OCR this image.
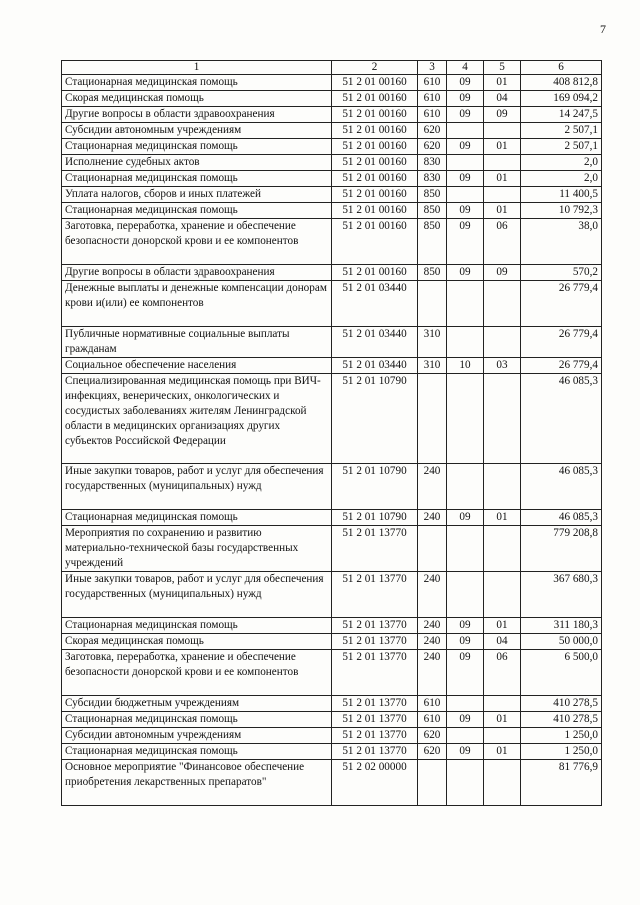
7
1	2	3	4	5	6
Стационарная медицинская помощь	51 2 01 00160	610	09	01	408 812,8
Скорая медицинская помощь	51 2 01 00160	610	09	04	169 094,2
Другие вопросы в области здравоохранения	51 2 01 00160	610	09	09	14 247,5
Субсидии автономным учреждениям	51 2 01 00160	620			2 507,1
Стационарная медицинская помощь	51 2 01 00160	620	09	01	2 507,1
Исполнение судебных актов	51 2 01 00160	830			2,0
Стационарная медицинская помощь	51 2 01 00160	830	09	01	2,0
Уплата налогов, сборов и иных платежей	51 2 01 00160	850			11 400,5
Стационарная медицинская помощь	51 2 01 00160	850	09	01	10 792,3
Заготовка, переработка, хранение и обеспечение безопасности донорской крови и ее компонентов	51 2 01 00160	850	09	06	38,0
Другие вопросы в области здравоохранения	51 2 01 00160	850	09	09	570,2
Денежные выплаты и денежные компенсации донорам крови и(или) ее компонентов	51 2 01 03440				26 779,4
Публичные нормативные социальные выплаты гражданам	51 2 01 03440	310			26 779,4
Социальное обеспечение населения	51 2 01 03440	310	10	03	26 779,4
Специализированная медицинская помощь при ВИЧ-инфекциях, венерических, онкологических и сосудистых заболеваниях жителям Ленинградской области в медицинских организациях других субъектов Российской Федерации	51 2 01 10790				46 085,3
Иные закупки товаров, работ и услуг для обеспечения государственных (муниципальных) нужд	51 2 01 10790	240			46 085,3
Стационарная медицинская помощь	51 2 01 10790	240	09	01	46 085,3
Мероприятия по сохранению и развитию материально-технической базы государственных учреждений	51 2 01 13770				779 208,8
Иные закупки товаров, работ и услуг для обеспечения государственных (муниципальных) нужд	51 2 01 13770	240			367 680,3
Стационарная медицинская помощь	51 2 01 13770	240	09	01	311 180,3
Скорая медицинская помощь	51 2 01 13770	240	09	04	50 000,0
Заготовка, переработка, хранение и обеспечение безопасности донорской крови и ее компонентов	51 2 01 13770	240	09	06	6 500,0
Субсидии бюджетным учреждениям	51 2 01 13770	610			410 278,5
Стационарная медицинская помощь	51 2 01 13770	610	09	01	410 278,5
Субсидии автономным учреждениям	51 2 01 13770	620			1 250,0
Стационарная медицинская помощь	51 2 01 13770	620	09	01	1 250,0
Основное мероприятие "Финансовое обеспечение приобретения лекарственных препаратов"	51 2 02 00000				81 776,9
